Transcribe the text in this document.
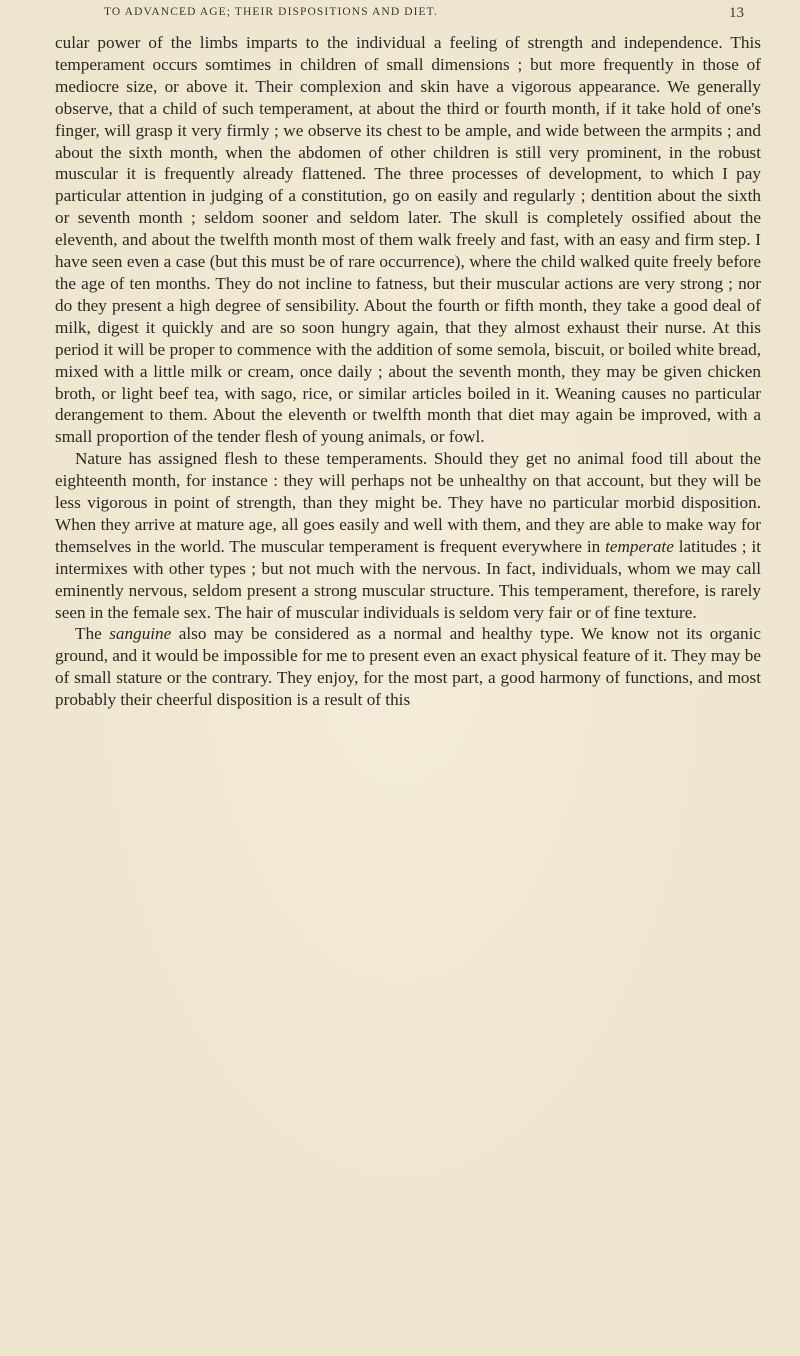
TO ADVANCED AGE; THEIR DISPOSITIONS AND DIET.	13

cular power of the limbs imparts to the individual a feeling of strength and independence. This temperament occurs somtimes in children of small dimensions ; but more frequently in those of mediocre size, or above it. Their complexion and skin have a vigorous appearance. We generally observe, that a child of such temperament, at about the third or fourth month, if it take hold of one's finger, will grasp it very firmly ; we observe its chest to be ample, and wide between the armpits ; and about the sixth month, when the abdomen of other children is still very prominent, in the robust muscular it is frequently already flattened. The three processes of development, to which I pay particular attention in judging of a constitution, go on easily and regularly ; dentition about the sixth or seventh month ; seldom sooner and seldom later. The skull is completely ossified about the eleventh, and about the twelfth month most of them walk freely and fast, with an easy and firm step. I have seen even a case (but this must be of rare occurrence), where the child walked quite freely before the age of ten months. They do not incline to fatness, but their muscular actions are very strong ; nor do they present a high degree of sensibility. About the fourth or fifth month, they take a good deal of milk, digest it quickly and are so soon hungry again, that they almost exhaust their nurse. At this period it will be proper to commence with the addition of some semola, biscuit, or boiled white bread, mixed with a little milk or cream, once daily ; about the seventh month, they may be given chicken broth, or light beef tea, with sago, rice, or similar articles boiled in it. Weaning causes no particular derangement to them. About the eleventh or twelfth month that diet may again be improved, with a small proportion of the tender flesh of young animals, or fowl.

Nature has assigned flesh to these temperaments. Should they get no animal food till about the eighteenth month, for instance : they will perhaps not be unhealthy on that account, but they will be less vigorous in point of strength, than they might be. They have no particular morbid disposition. When they arrive at mature age, all goes easily and well with them, and they are able to make way for themselves in the world. The muscular temperament is frequent everywhere in temperate latitudes ; it intermixes with other types ; but not much with the nervous. In fact, individuals, whom we may call eminently nervous, seldom present a strong muscular structure. This temperament, therefore, is rarely seen in the female sex. The hair of muscular individuals is seldom very fair or of fine texture.

The sanguine also may be considered as a normal and healthy type. We know not its organic ground, and it would be impossible for me to present even an exact physical feature of it. They may be of small stature or the contrary. They enjoy, for the most part, a good harmony of functions, and most probably their cheerful disposition is a result of this
